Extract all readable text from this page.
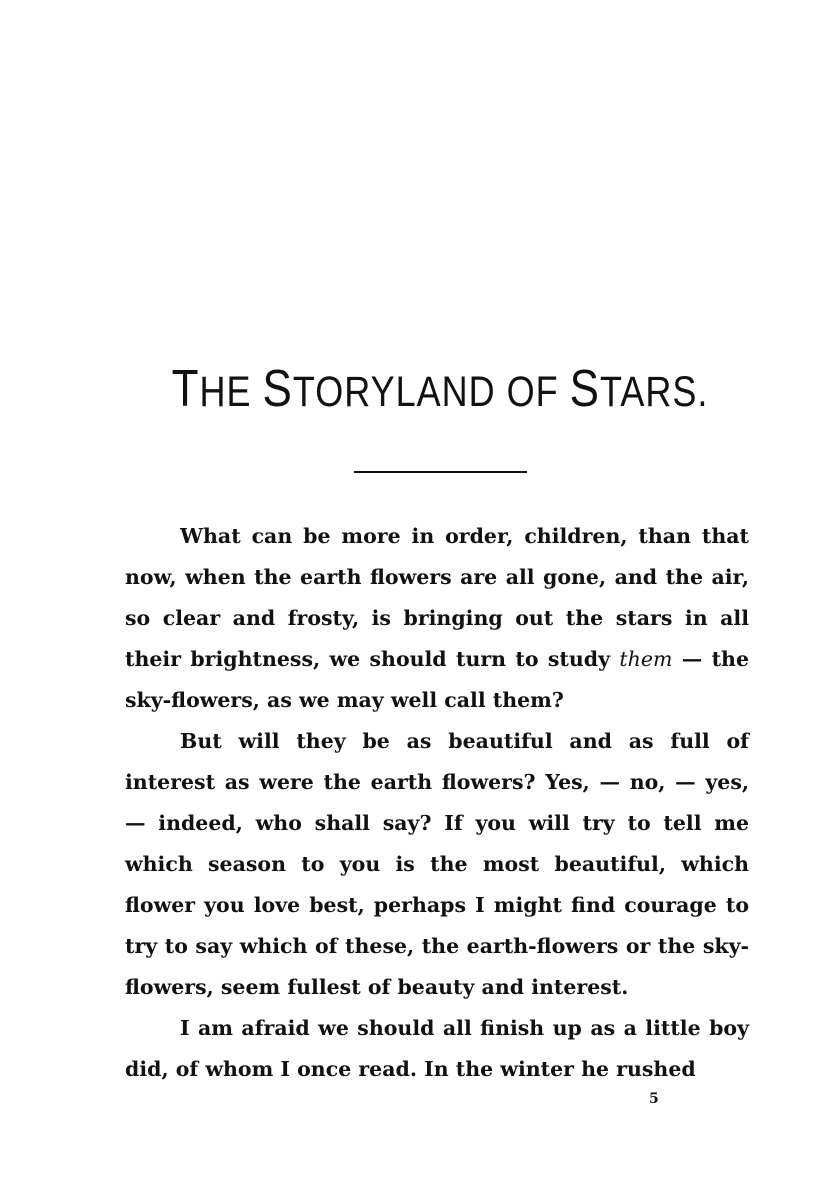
THE STORYLAND OF STARS.

What can be more in order, children, than that now, when the earth flowers are all gone, and the air, so clear and frosty, is bringing out the stars in all their brightness, we should turn to study them — the sky-flowers, as we may well call them?

But will they be as beautiful and as full of interest as were the earth flowers? Yes, — no, — yes, — indeed, who shall say? If you will try to tell me which season to you is the most beautiful, which flower you love best, perhaps I might find courage to try to say which of these, the earth-flowers or the sky-flowers, seem fullest of beauty and interest.

I am afraid we should all finish up as a little boy did, of whom I once read. In the winter he rushed

5
